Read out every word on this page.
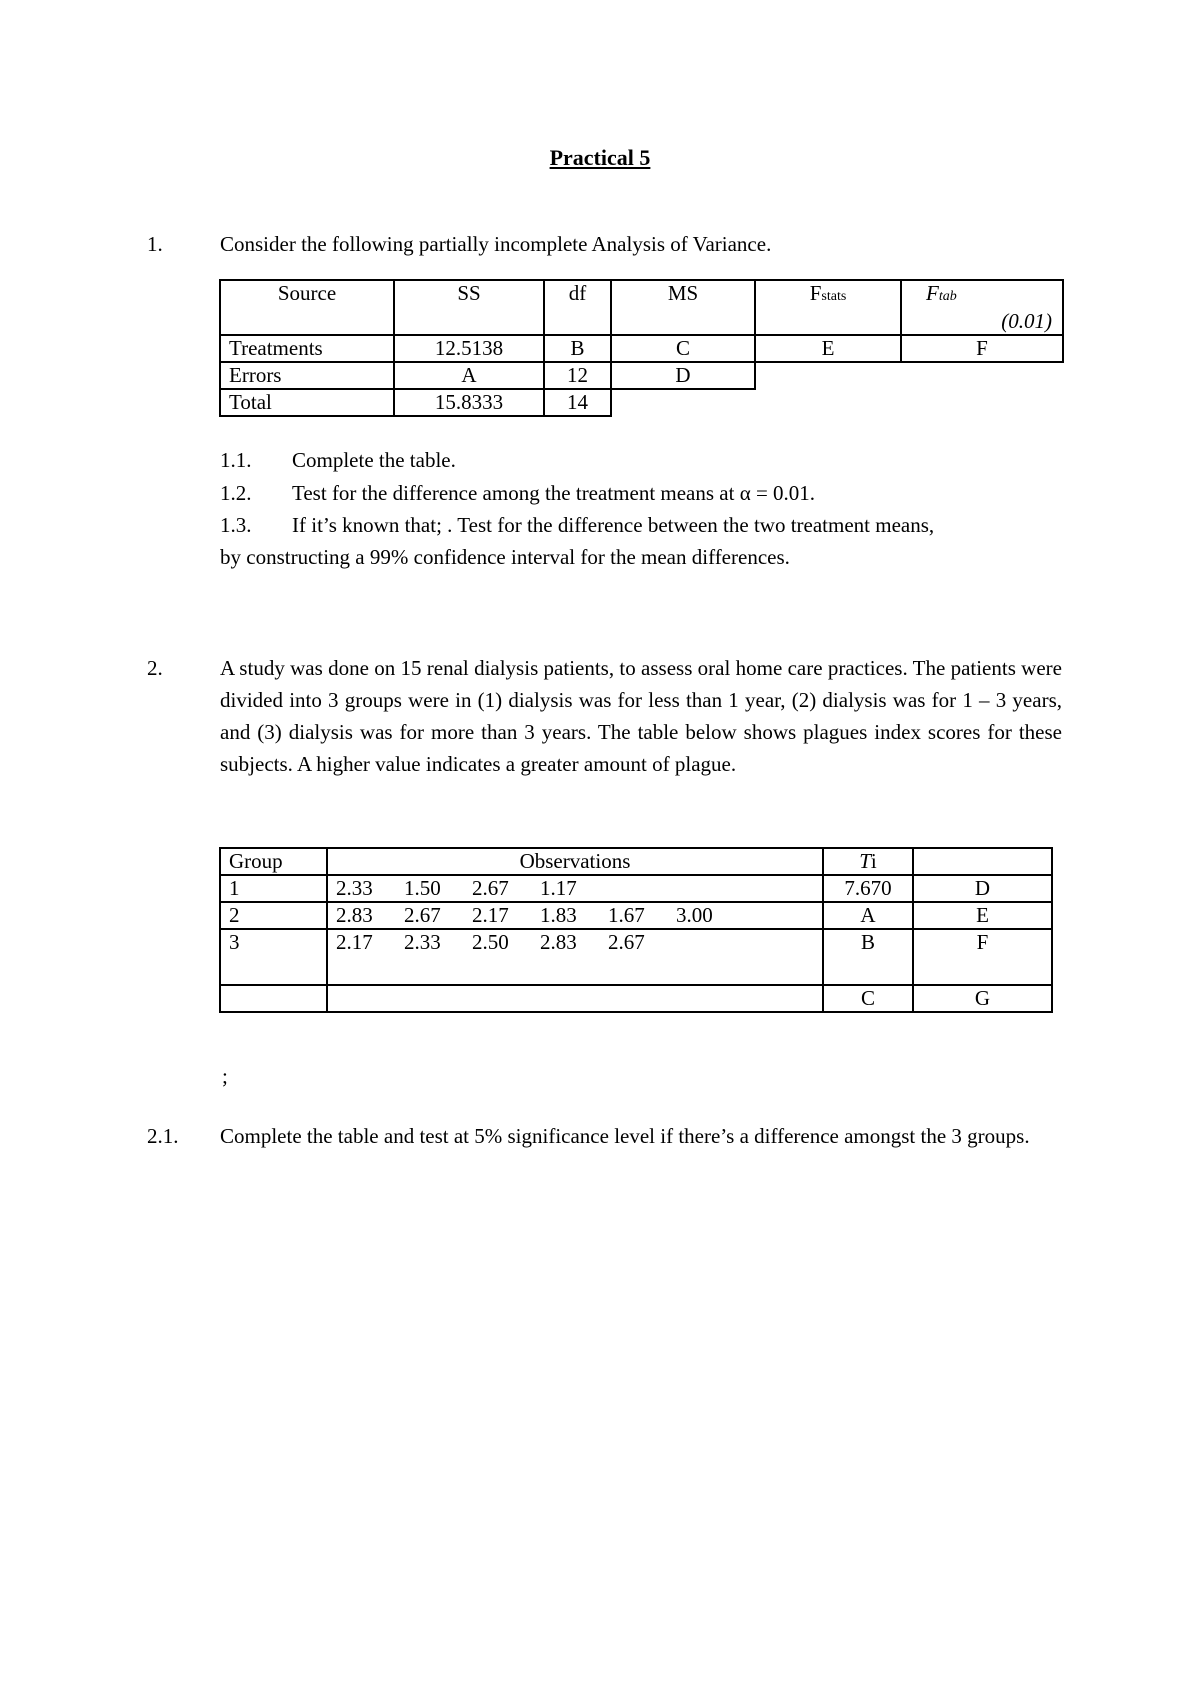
Practical 5
1.	Consider the following partially incomplete Analysis of Variance.
Source	SS	df	MS	Fstats	Ftab
(0.01)

Treatments	12.5138	B	C	E	F
Errors	A	12	D		
Total	15.8333	14			
1.1. Complete the table.
1.2. Test for the difference among the treatment means at α = 0.01.
1.3. If it’s known that; . Test for the difference between the two treatment means,
by constructing a 99% confidence interval for the mean differences.
2.	A study was done on 15 renal dialysis patients, to assess oral home care practices. The patients were divided into 3 groups were in (1) dialysis was for less than 1 year, (2) dialysis was for 1 – 3 years, and (3) dialysis was for more than 3 years. The table below shows plagues index scores for these subjects. A higher value indicates a greater amount of plague.
Group	Observations	Ti	
1	2.33 1.50 2.67 1.17	7.670	D
2	2.83 2.67 2.17 1.83 1.67 3.00	A	E
3	2.17 2.33 2.50 2.83 2.67	B	F
		C	G
;
2.1. Complete the table and test at 5% significance level if there’s a difference amongst the 3 groups.
